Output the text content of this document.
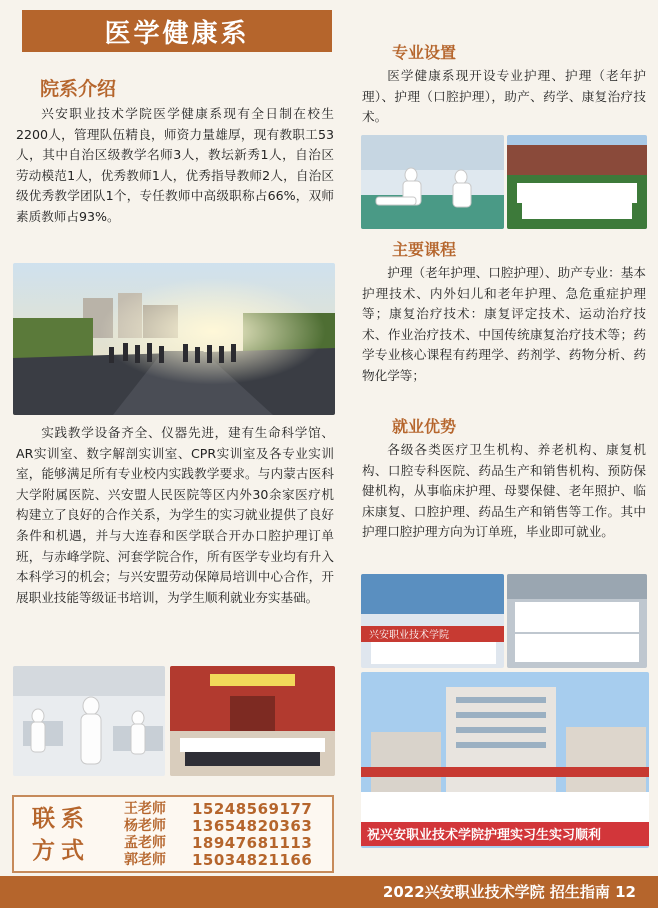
医学健康系
院系介绍
兴安职业技术学院医学健康系现有全日制在校生2200人，管理队伍精良，师资力量雄厚，现有教职工53人，其中自治区级教学名师3人，教坛新秀1人，自治区劳动模范1人，优秀教师1人，优秀指导教师2人，自治区级优秀教学团队1个，专任教师中高级职称占66%，双师素质教师占93%。
实践教学设备齐全、仪器先进，建有生命科学馆、AR实训室、数字解剖实训室、CPR实训室及各专业实训室，能够满足所有专业校内实践教学要求。与内蒙古医科大学附属医院、兴安盟人民医院等区内外30余家医疗机构建立了良好的合作关系，为学生的实习就业提供了良好条件和机遇，并与大连春和医学联合开办口腔护理订单班，与赤峰学院、河套学院合作，所有医学专业均有升入本科学习的机会；与兴安盟劳动保障局培训中心合作，开展职业技能等级证书培训，为学生顺利就业夯实基础。
专业设置
医学健康系现开设专业护理、护理（老年护理）、护理（口腔护理），助产、药学、康复治疗技术。
主要课程
护理（老年护理、口腔护理）、助产专业：基本护理技术、内外妇儿和老年护理、急危重症护理等；康复治疗技术：康复评定技术、运动治疗技术、作业治疗技术、中国传统康复治疗技术等；药学专业核心课程有药理学、药剂学、药物分析、药物化学等；
就业优势
各级各类医疗卫生机构、养老机构、康复机构、口腔专科医院、药品生产和销售机构、预防保健机构，从事临床护理、母婴保健、老年照护、临床康复、口腔护理、药品生产和销售等工作。其中护理口腔护理方向为订单班，毕业即可就业。
兴安职业技术学院
祝兴安职业技术学院护理实习生实习顺利
联系
方式
王老师	15248569177
杨老师	13654820363
孟老师	18947681113
郭老师	15034821166
2022兴安职业技术学院 招生指南 12
